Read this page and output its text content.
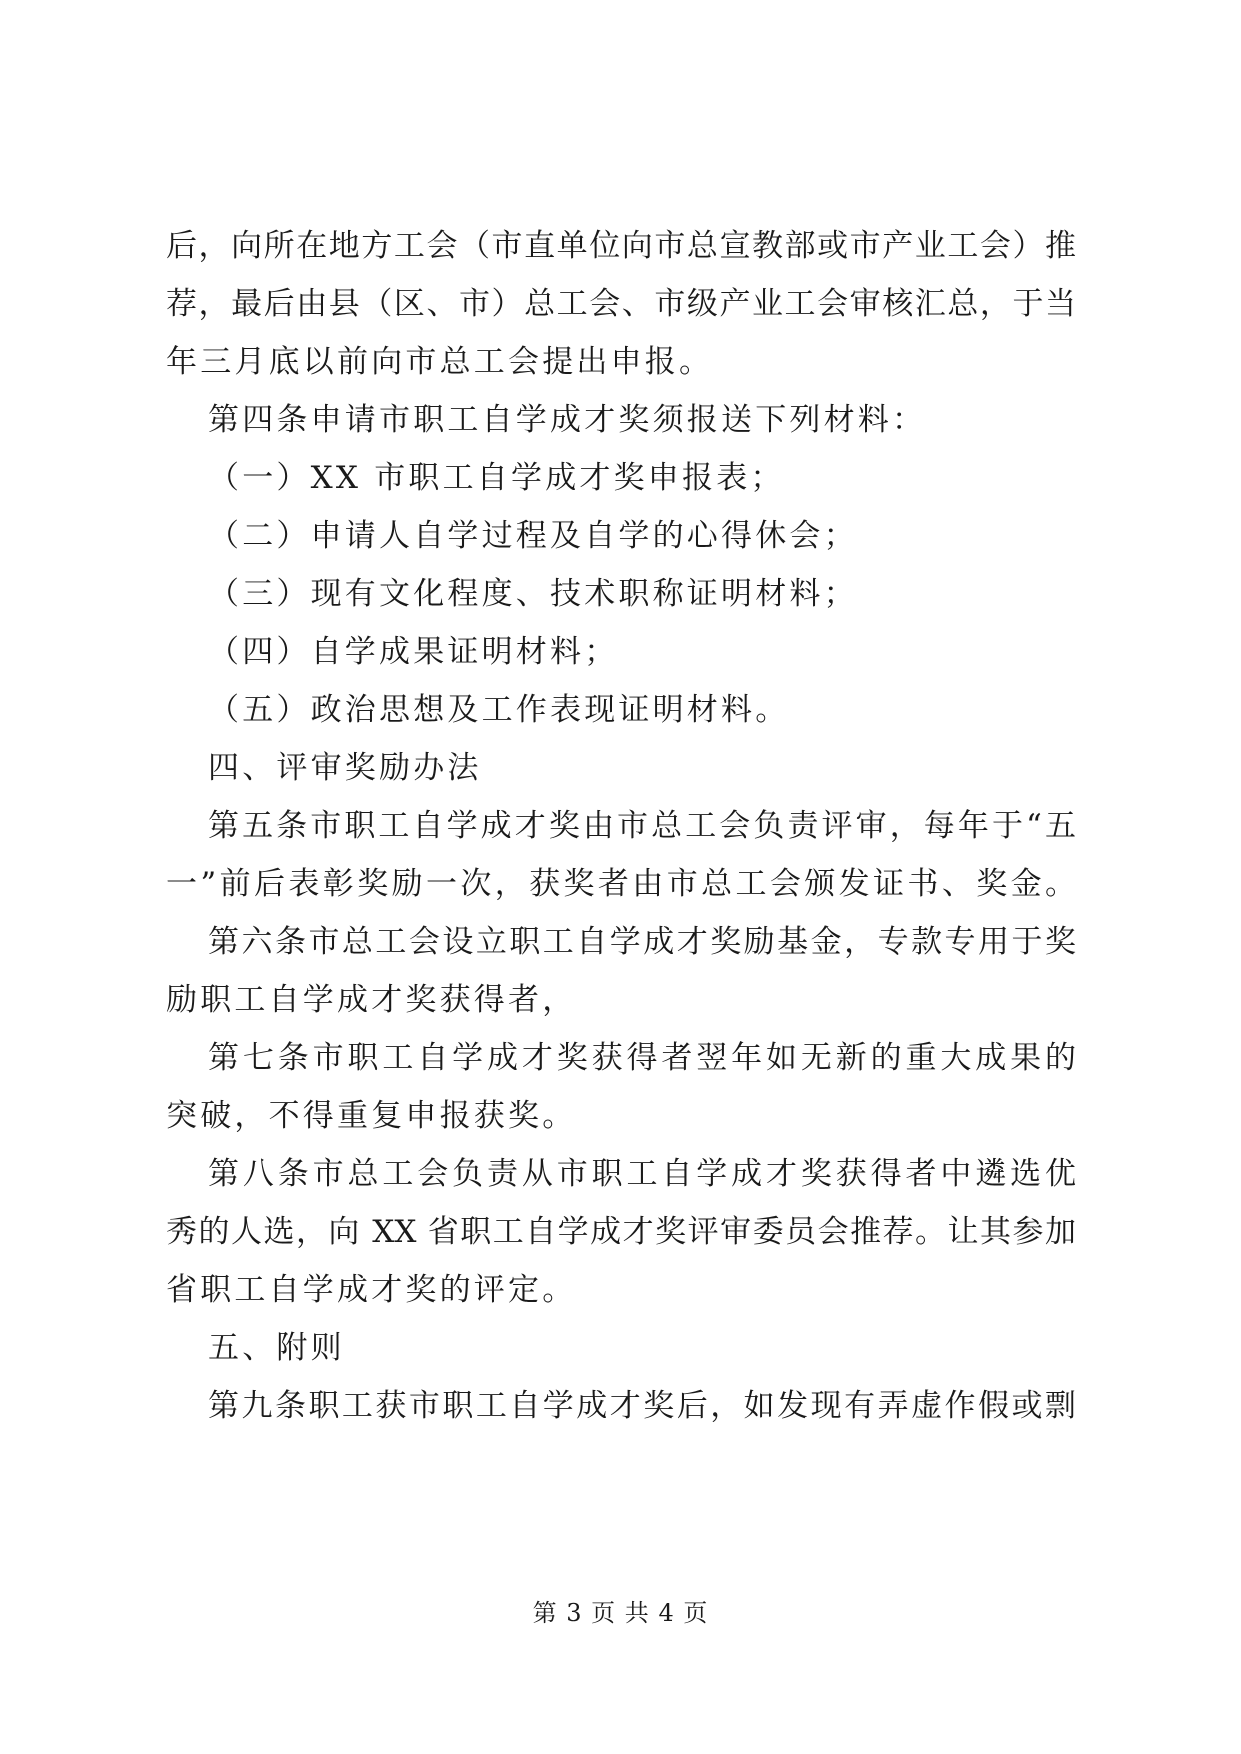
后，向所在地方工会（市直单位向市总宣教部或市产业工会）推
荐，最后由县（区、市）总工会、市级产业工会审核汇总，于当
年三月底以前向市总工会提出申报。
第四条申请市职工自学成才奖须报送下列材料：
（一）XX 市职工自学成才奖申报表；
（二）申请人自学过程及自学的心得休会；
（三）现有文化程度、技术职称证明材料；
（四）自学成果证明材料；
（五）政治思想及工作表现证明材料。
四、评审奖励办法
第五条市职工自学成才奖由市总工会负责评审，每年于“五
一”前后表彰奖励一次，获奖者由市总工会颁发证书、奖金。
第六条市总工会设立职工自学成才奖励基金，专款专用于奖
励职工自学成才奖获得者，
第七条市职工自学成才奖获得者翌年如无新的重大成果的
突破，不得重复申报获奖。
第八条市总工会负责从市职工自学成才奖获得者中遴选优
秀的人选，向 XX 省职工自学成才奖评审委员会推荐。让其参加
省职工自学成才奖的评定。
五、附则
第九条职工获市职工自学成才奖后，如发现有弄虚作假或剽
第 3 页 共 4 页
